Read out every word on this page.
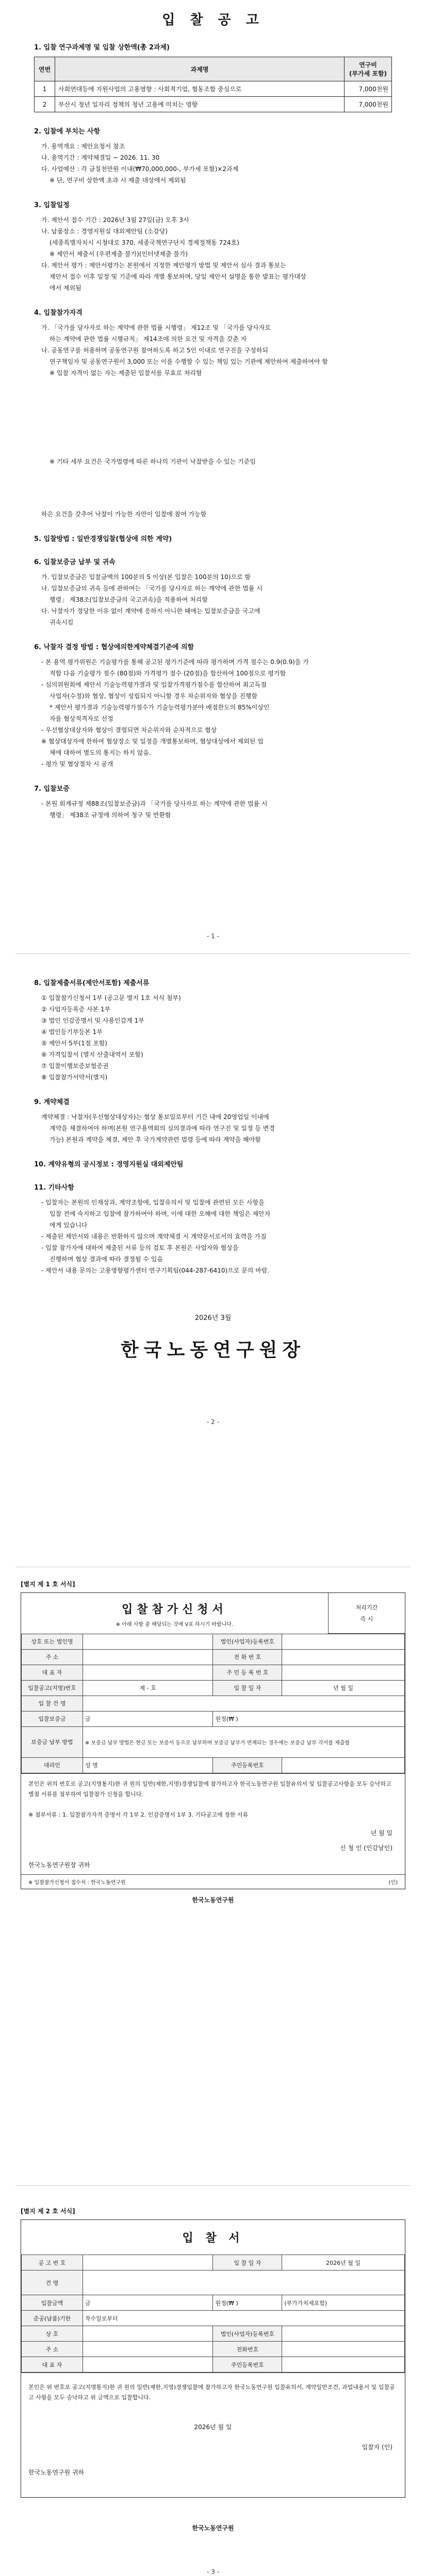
입 찰 공 고
1. 입찰 연구과제명 및 입찰 상한액(총 2과제)
연번	과제명	연구비
(부가세 포함)
1	사회연대등에 지원사업의 고용영향 : 사회적기업, 협동조합 중심으로	7,000천원
2	부산시 청년 일자리 정책의 청년 고용에 미치는 영향	7,000천원
2. 입찰에 부치는 사항
가. 용역개요 : 제안요청서 참조
나. 용역기간 : 계약체결일 ~ 2026. 11. 30
다. 사업예산 : 각 금칠천만원 이내(₩70,000,000-, 부가세 포함)×2과제
※ 단, 연구비 상한액 초과 시 제출 대상에서 제외됨
3. 입찰일정
가. 제안서 접수 기간 : 2026년 3월 27일(금) 오후 3시
나. 납품장소 : 경영지원실 대외제안팀 (소강당)
(세종특별자치시 시청대로 370, 세종국책연구단지 경제정책동 724호)
※ 제안서 제출서 (우편제출 불가)(인터넷제출 불가)
다. 제안서 평가 : 제안서평가는 본원에서 지정한 제안평가 방법 및 제안서 심사 결과 통보는
제안서 접수 이후 일정 및 기준에 따라 개별 통보하며, 당일 제안서 설명을 통한 발표는 평가대상
에서 제외됨
4. 입찰참가자격
가. 「국가를 당사자로 하는 계약에 관한 법률 시행령」 제12조 및 「국가를 당사자로
하는 계약에 관한 법률 시행규칙」 제14조에 의한 요건 및 자격을 갖춘 자
나. 공동연구를 허용하며 공동연구원 참여하도록 하고 5인 이내로 연구진을 구성하되
연구책임자 및 공동연구원이 3,000 또는 이를 수행할 수 있는 책임 있는 기관에 제안하여 제출하여야 함
※ 입찰 자격이 없는 자는 제출된 입찰서를 무효로 처리함
※ 기타 세부 요건은 국가법령에 따른 하나의 기관이 낙찰받을 수 있는 기준임
하은 요건을 갖추어 낙찰이 가능한 자만이 입찰에 참여 가능함
5. 입찰방법 : 일반경쟁입찰(협상에 의한 계약)
6. 입찰보증금 납부 및 귀속
가. 입찰보증금은 입찰금액의 100분의 5 이상(본 입찰은 100분의 10)으로 함
나. 입찰보증금의 귀속 등에 관하여는 「국가를 당사자로 하는 계약에 관한 법률 시
행령」 제38조(입찰보증금의 국고귀속)을 적용하여 처리함
다. 낙찰자가 정당한 이유 없이 계약에 응하지 아니한 때에는 입찰보증금을 국고에
귀속시킴
6. 낙찰자 결정 방법 : 협상에의한계약체결기준에 의함
- 본 용역 평가위원은 기술평가를 통해 공고된 평가기준에 따라 평가하며 가격 점수는 0.9(0.9)을 가
적합 다음 기술평가 점수 (80점)와 가격평가 점수 (20점)을 합산하여 100점으로 평가함
- 심의위원회에 제안서 기술능력평가결과 및 입찰가격평가점수를 합산하여 최고득점
사업자(수정)와 협상, 협상이 성립되지 아니할 경우 차순위자와 협상을 진행함
* 제안서 평가결과 기술능력평가점수가 기술능력평가분야 배점한도의 85%이상인
자를 협상적격자로 선정
- 우선협상대상자와 협상이 결렬되면 차순위자와 순차적으로 협상
※ 협상대상자에 한하여 협상장소 및 일정을 개별통보하며, 협상대상에서 제외된 업
체에 대하여 별도의 통지는 하지 않음.
- 평가 및 협상절차 시 공개
7. 입찰보증
- 본원 회계규정 제88조(입찰보증금)과 「국가를 당사자로 하는 계약에 관한 법률 시
행령」 제38조 규정에 의하여 청구 및 반환함
- 1 -
8. 입찰제출서류(제안서포함) 제출서류
① 입찰참가신청서 1부 (공고문 별지 1호 서식 첨부)
② 사업자등록증 사본 1부
③ 법인 인감증명서 및 사용인감계 1부
④ 법인등기부등본 1부
⑤ 제안서 5부(1점 포함)
⑥ 가격입찰서 (별지 산출내역서 포함)
⑦ 입찰이행보증보험증권
⑧ 입찰참가서약서(별지)
9. 계약체결
계약체결 : 낙찰자(우선협상대상자)는 협상 통보일로부터 기간 내에 20영업일 이내에
계약을 체결하여야 하며(본원 연구용역회의 심의결과에 따라 연구진 및 일정 등 변경
가능) 본원과 계약을 체결, 제안 후 국가계약관련 법령 등에 따라 계약을 해야함
10. 계약유형의 공시정보 : 경영지원실 대외제안팀
11. 기타사항
- 입찰자는 본원의 인재상과, 계약조항에, 입찰유의서 및 입찰에 관련된 모든 사항을
입찰 전에 숙지하고 입찰에 참가하여야 하며, 이에 대한 오해에 대한 책임은 제안자
에게 있습니다
- 제출된 제안서와 내용은 반환하지 않으며 계약체결 시 계약문서로서의 효력을 가짐
- 입찰 참가자에 대하여 제출된 서류 등의 검토 후 본원은 사업자와 협상을
진행하며 협상 결과에 따라 결정될 수 있음
- 제안서 내용 문의는 고용영향평가센터 연구기획팀(044-287-6410)으로 문의 바람.
2026년 3월
한국노동연구원장
- 2 -
[별지 제 1 호 서식]
입찰참가신청서
※ 아래 사항 중 해당되는 것에 V표 하시기 바랍니다.

처리기간
즉 시
상호 또는 법인명		법인(사업자)등록번호	
주 소		전 화 번 호	
대 표 자		주 민 등 록 번 호	
입찰공고(지명)번호	제 - 호	입 찰 일 자	년 월 일
입 찰 건 명			
입찰보증금	금	원정(₩ )	
보증금 납부 방법	※ 보증금 납부 방법은 현금 또는 보증서 등으로 납부하며 보증금 납부가 면제되는 경우에는 보증금 납부 각서를 제출함		
대리인	성 명	주민등록번호	
본인은 위의 번호로 공고(지명통지)한 귀 원의 일반(제한,지명)경쟁입찰에 참가하고자 한국노동연구원 입찰유의서 및 입찰공고사항을 모두 승낙하고 별첨 서류를 첨부하여 입찰참가 신청을 합니다.
※ 첨부서류 : 1. 입찰참가자격 증명서 각 1부 2. 인감증명서 1부 3. 기타공고에 정한 서류
년 월 일
신 청 인 (인감날인)
한국노동연구원장 귀하
※ 입찰참가신청서 접수처 : 한국노동연구원	(인)
한국노동연구원
[별지 제 2 호 서식]
입 찰 서
공 고 번 호		입 찰 일 자	2026년 월 일
건 명			
입찰금액	금	원정(₩ )	(부가가치세포함)
준공(납품)기한	착수일로부터		
상 호		법인(사업자)등록번호	
주 소		전화번호	
대 표 자		주민등록번호	
본인은 위 번호로 공고(지명통지)한 귀 원의 일반(제한,지명)경쟁입찰에 참가하고자 한국노동연구원 입찰유의서, 계약일반조건, 과업내용서 및 입찰공고 사항을 모두 승낙하고 위 금액으로 입찰합니다.
2026년 월 일
입찰자 (인)
한국노동연구원 귀하
한국노동연구원
- 3 -
